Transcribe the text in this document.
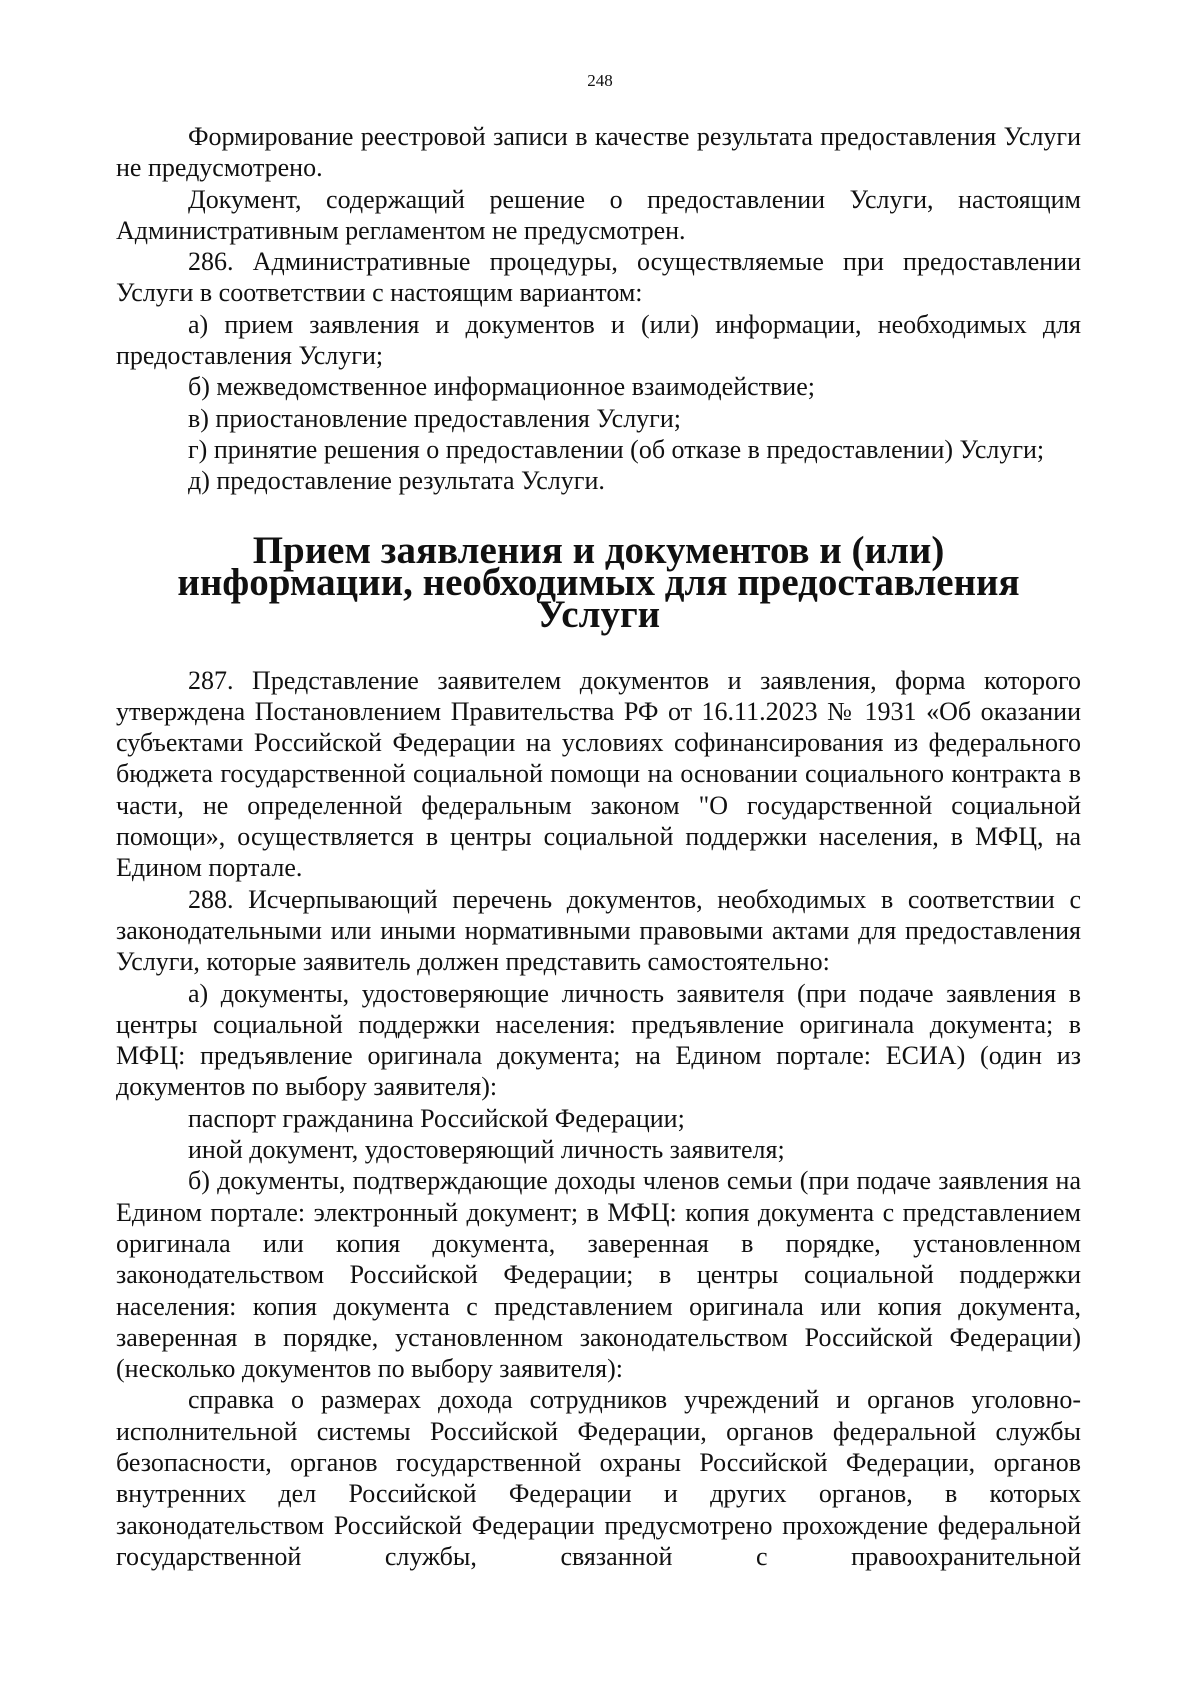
248

Формирование реестровой записи в качестве результата предоставления Услуги не предусмотрено.

Документ, содержащий решение о предоставлении Услуги, настоящим Административным регламентом не предусмотрен.

286. Административные процедуры, осуществляемые при предоставлении Услуги в соответствии с настоящим вариантом:

а) прием заявления и документов и (или) информации, необходимых для предоставления Услуги;

б) межведомственное информационное взаимодействие;

в) приостановление предоставления Услуги;

г) принятие решения о предоставлении (об отказе в предоставлении) Услуги;

д) предоставление результата Услуги.

Прием заявления и документов и (или) информации, необходимых для предоставления Услуги

287. Представление заявителем документов и заявления, форма которого утверждена Постановлением Правительства РФ от 16.11.2023 № 1931 «Об оказании субъектами Российской Федерации на условиях софинансирования из федерального бюджета государственной социальной помощи на основании социального контракта в части, не определенной федеральным законом "О государственной социальной помощи», осуществляется в центры социальной поддержки населения, в МФЦ, на Едином портале.

288. Исчерпывающий перечень документов, необходимых в соответствии с законодательными или иными нормативными правовыми актами для предоставления Услуги, которые заявитель должен представить самостоятельно:

а) документы, удостоверяющие личность заявителя (при подаче заявления в центры социальной поддержки населения: предъявление оригинала документа; в МФЦ: предъявление оригинала документа; на Едином портале: ЕСИА) (один из документов по выбору заявителя):

паспорт гражданина Российской Федерации;

иной документ, удостоверяющий личность заявителя;

б) документы, подтверждающие доходы членов семьи (при подаче заявления на Едином портале: электронный документ; в МФЦ: копия документа с представлением оригинала или копия документа, заверенная в порядке, установленном законодательством Российской Федерации; в центры социальной поддержки населения: копия документа с представлением оригинала или копия документа, заверенная в порядке, установленном законодательством Российской Федерации) (несколько документов по выбору заявителя):

справка о размерах дохода сотрудников учреждений и органов уголовно-исполнительной системы Российской Федерации, органов федеральной службы безопасности, органов государственной охраны Российской Федерации, органов внутренних дел Российской Федерации и других органов, в которых законодательством Российской Федерации предусмотрено прохождение федеральной государственной службы, связанной с правоохранительной
